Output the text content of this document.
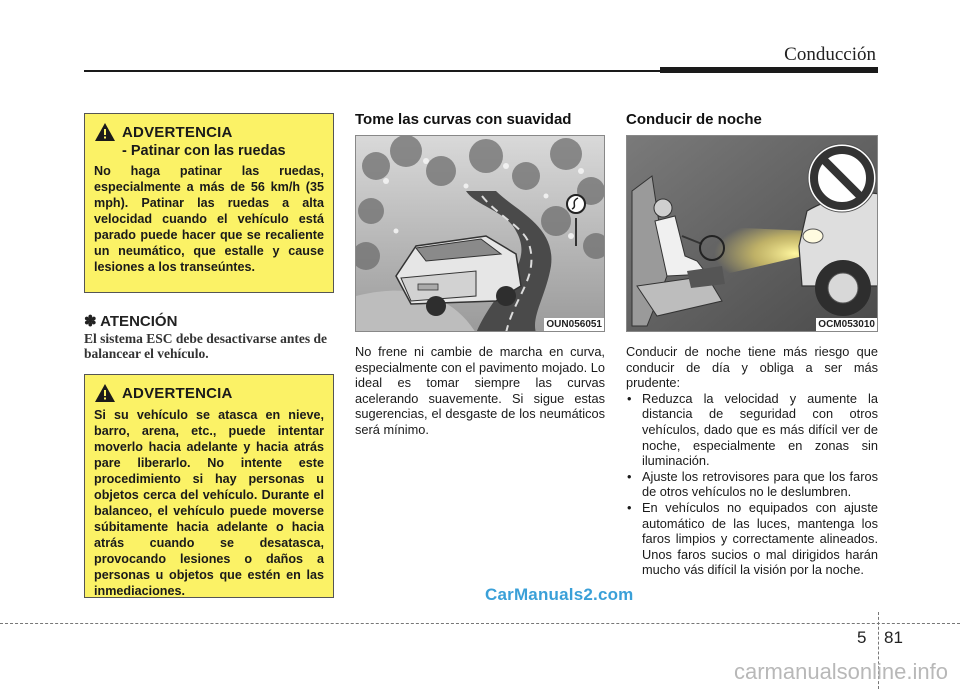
Conducción
ADVERTENCIA
- Patinar con las ruedas
No haga patinar las ruedas, especialmente a más de 56 km/h (35 mph). Patinar las ruedas a alta velocidad cuando el vehículo está parado puede hacer que se recaliente un neumático, que estalle y cause lesiones a los transeúntes.
✽ ATENCIÓN
El sistema ESC debe desactivarse antes de balancear el vehículo.
ADVERTENCIA
Si su vehículo se atasca en nieve, barro, arena, etc., puede intentar moverlo hacia adelante y hacia atrás pare liberarlo. No intente este procedimiento si hay personas u objetos cerca del vehículo. Durante el balanceo, el vehículo puede moverse súbitamente hacia adelante o hacia atrás cuando se desatasca, provocando lesiones o daños a personas u objetos que estén en las inmediaciones.
Tome las curvas con suavidad
OUN056051
No frene ni cambie de marcha en curva, especialmente con el pavimento mojado. Lo ideal es tomar siempre las curvas acelerando suavemente. Si sigue estas sugerencias, el desgaste de los neumáticos será mínimo.
Conducir de noche
OCM053010
Conducir de noche tiene más riesgo que conducir de día y obliga a ser más prudente:
• Reduzca la velocidad y aumente la distancia de seguridad con otros vehículos, dado que es más difícil ver de noche, especialmente en zonas sin iluminación.
• Ajuste los retrovisores para que los faros de otros vehículos no le deslumbren.
• En vehículos no equipados con ajuste automático de las luces, mantenga los faros limpios y correctamente alineados. Unos faros sucios o mal dirigidos harán mucho vás difícil la visión por la noche.
CarManuals2.com
5 81
carmanualsonline.info
